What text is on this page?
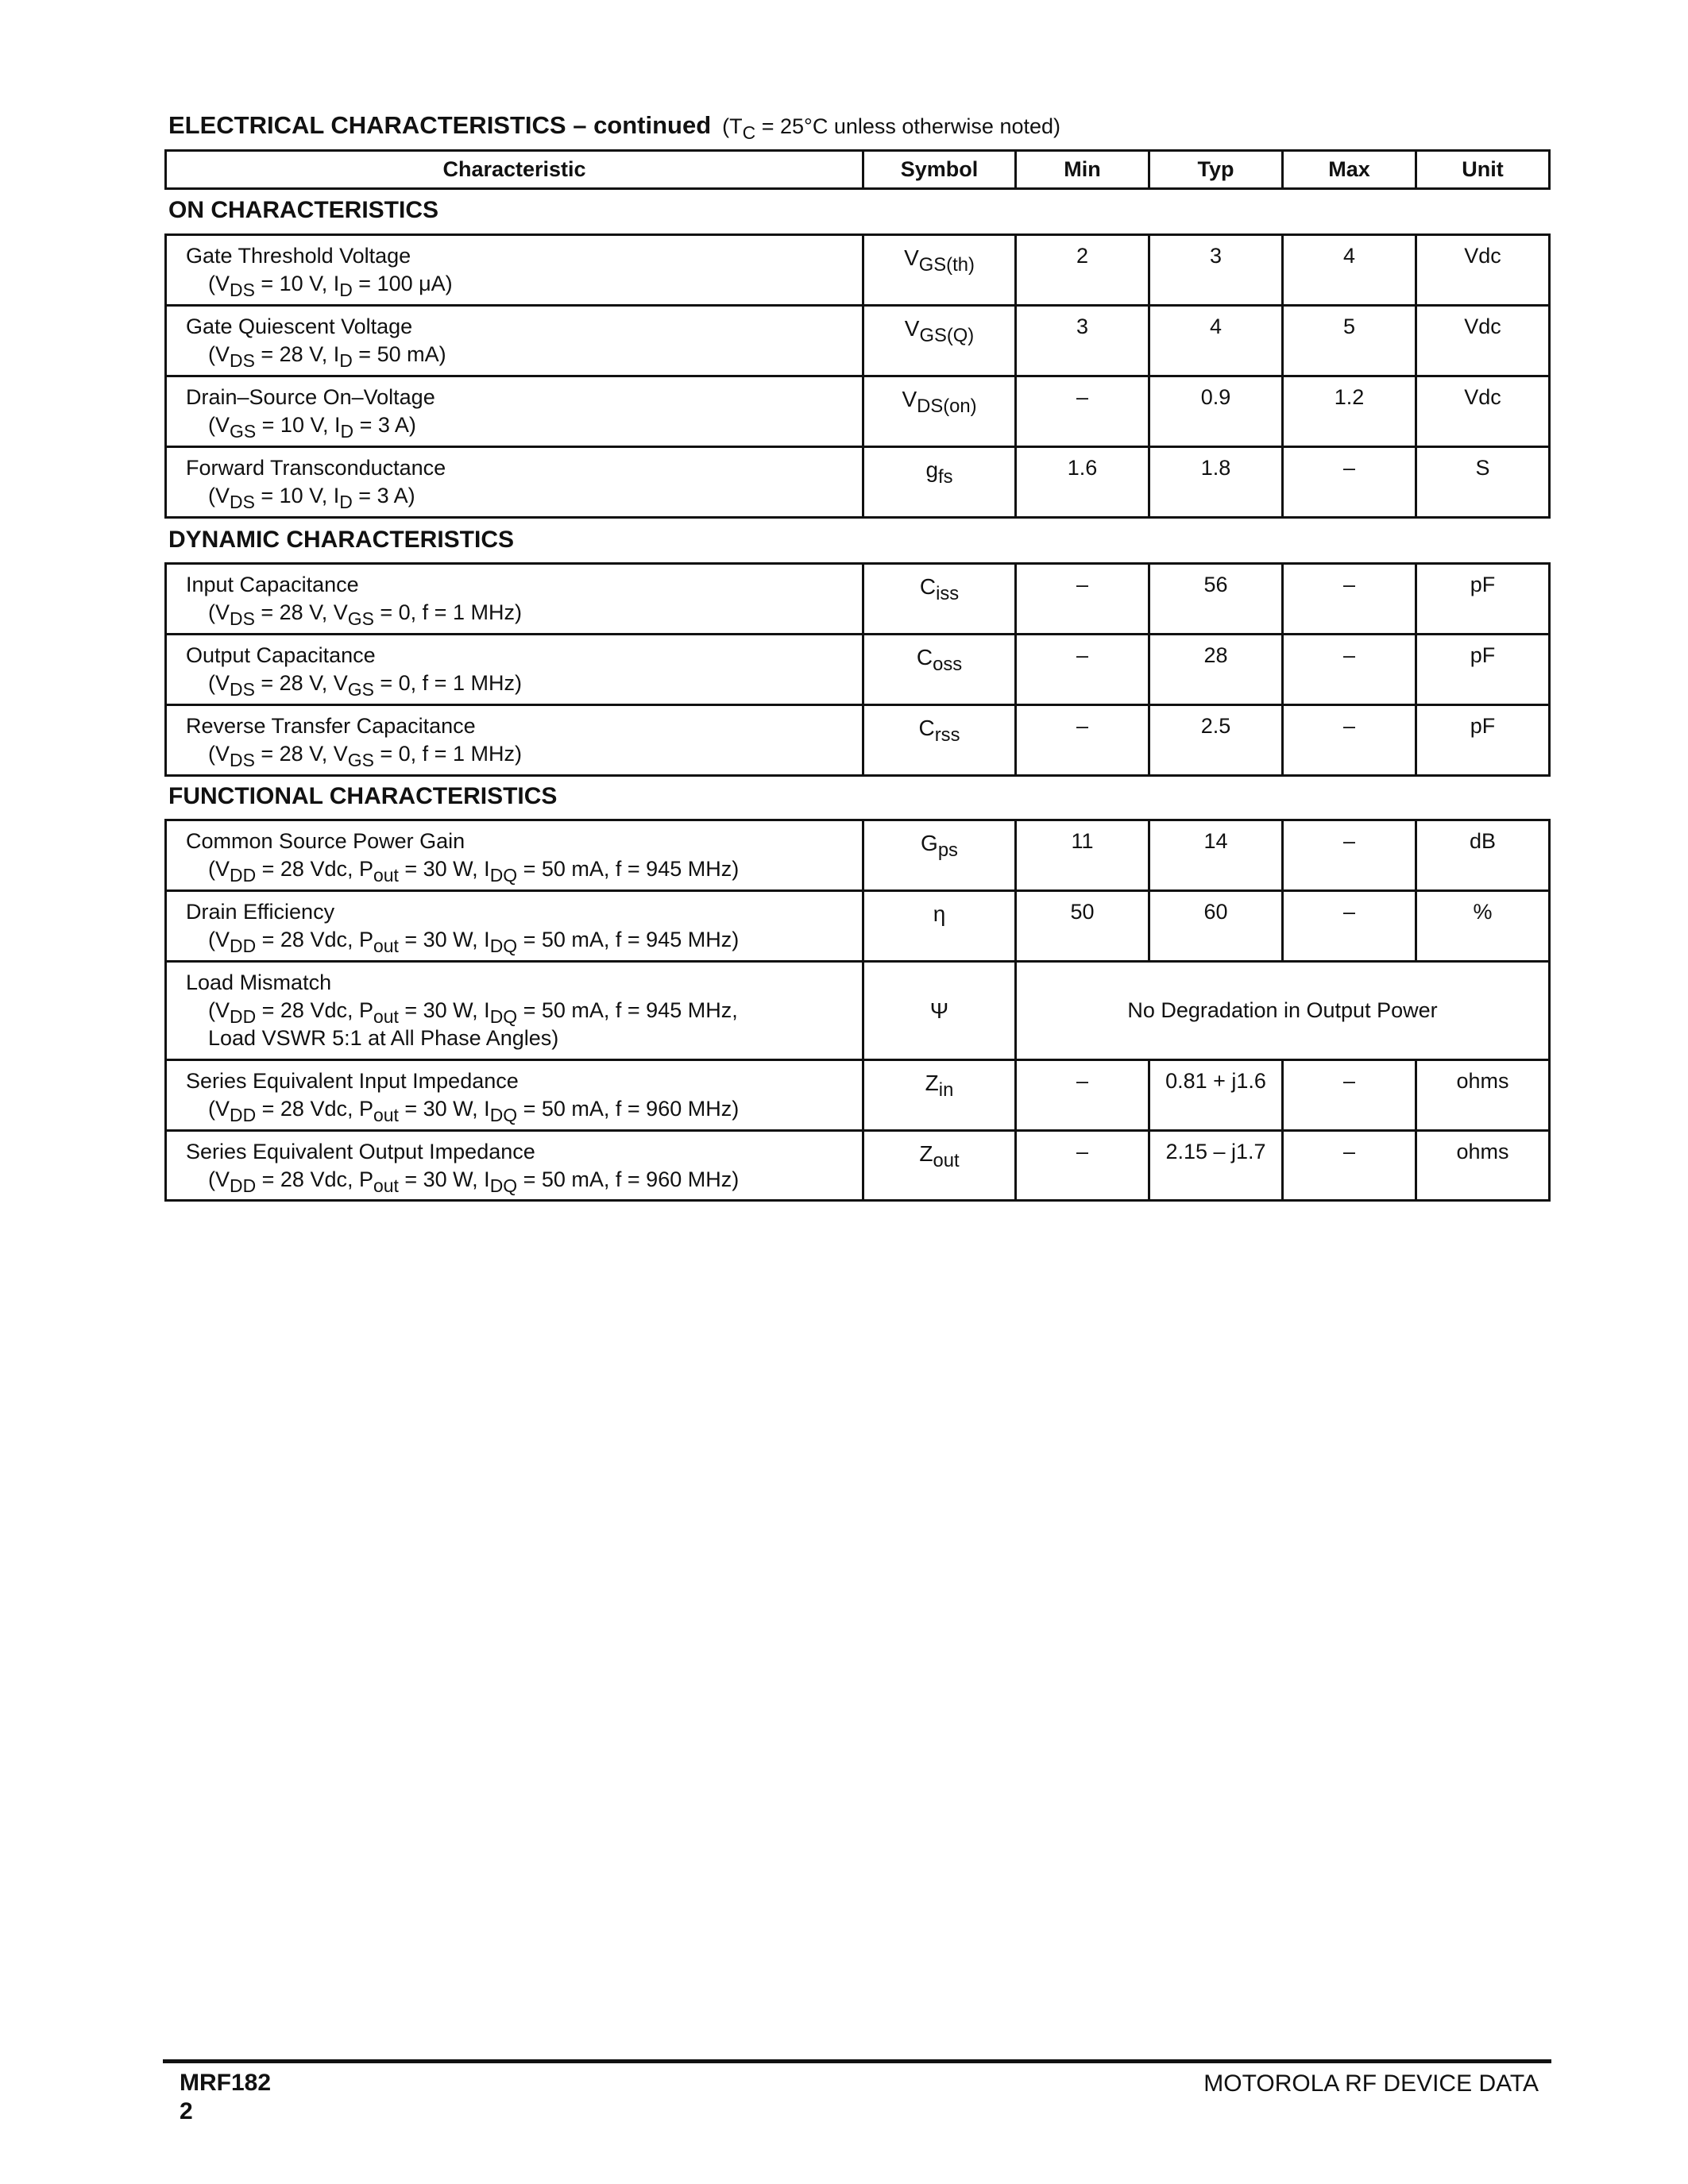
ELECTRICAL CHARACTERISTICS – continued ($T_C = 25^\circ C$ unless otherwise noted)
Characteristic	Symbol	Min	Typ	Max	Unit
ON CHARACTERISTICS
Gate Threshold Voltage
($V_{DS} = 10$ V, $I_D = 100$ μA)	$V_{GS(th)}$	2	3	4	Vdc
Gate Quiescent Voltage
($V_{DS} = 28$ V, $I_D = 50$ mA)	$V_{GS(Q)}$	3	4	5	Vdc
Drain–Source On–Voltage
($V_{GS} = 10$ V, $I_D = 3$ A)	$V_{DS(on)}$	–	0.9	1.2	Vdc
Forward Transconductance
($V_{DS} = 10$ V, $I_D = 3$ A)	$g_{fs}$	1.6	1.8	–	S
DYNAMIC CHARACTERISTICS
Input Capacitance
($V_{DS} = 28$ V, $V_{GS} = 0$, f = 1 MHz)	$C_{iss}$	–	56	–	pF
Output Capacitance
($V_{DS} = 28$ V, $V_{GS} = 0$, f = 1 MHz)	$C_{oss}$	–	28	–	pF
Reverse Transfer Capacitance
($V_{DS} = 28$ V, $V_{GS} = 0$, f = 1 MHz)	$C_{rss}$	–	2.5	–	pF
FUNCTIONAL CHARACTERISTICS
Common Source Power Gain
($V_{DD} = 28$ Vdc, $P_{out} = 30$ W, $I_{DQ} = 50$ mA, f = 945 MHz)	$G_{ps}$	11	14	–	dB
Drain Efficiency
($V_{DD} = 28$ Vdc, $P_{out} = 30$ W, $I_{DQ} = 50$ mA, f = 945 MHz)	η	50	60	–	%
Load Mismatch
($V_{DD} = 28$ Vdc, $P_{out} = 30$ W, $I_{DQ} = 50$ mA, f = 945 MHz,
Load VSWR 5:1 at All Phase Angles)	Ψ	No Degradation in Output Power			
Series Equivalent Input Impedance
($V_{DD} = 28$ Vdc, $P_{out} = 30$ W, $I_{DQ} = 50$ mA, f = 960 MHz)	$Z_{in}$	–	0.81 + j1.6	–	ohms
Series Equivalent Output Impedance
($V_{DD} = 28$ Vdc, $P_{out} = 30$ W, $I_{DQ} = 50$ mA, f = 960 MHz)	$Z_{out}$	–	2.15 – j1.7	–	ohms
MRF182
2
MOTOROLA RF DEVICE DATA
